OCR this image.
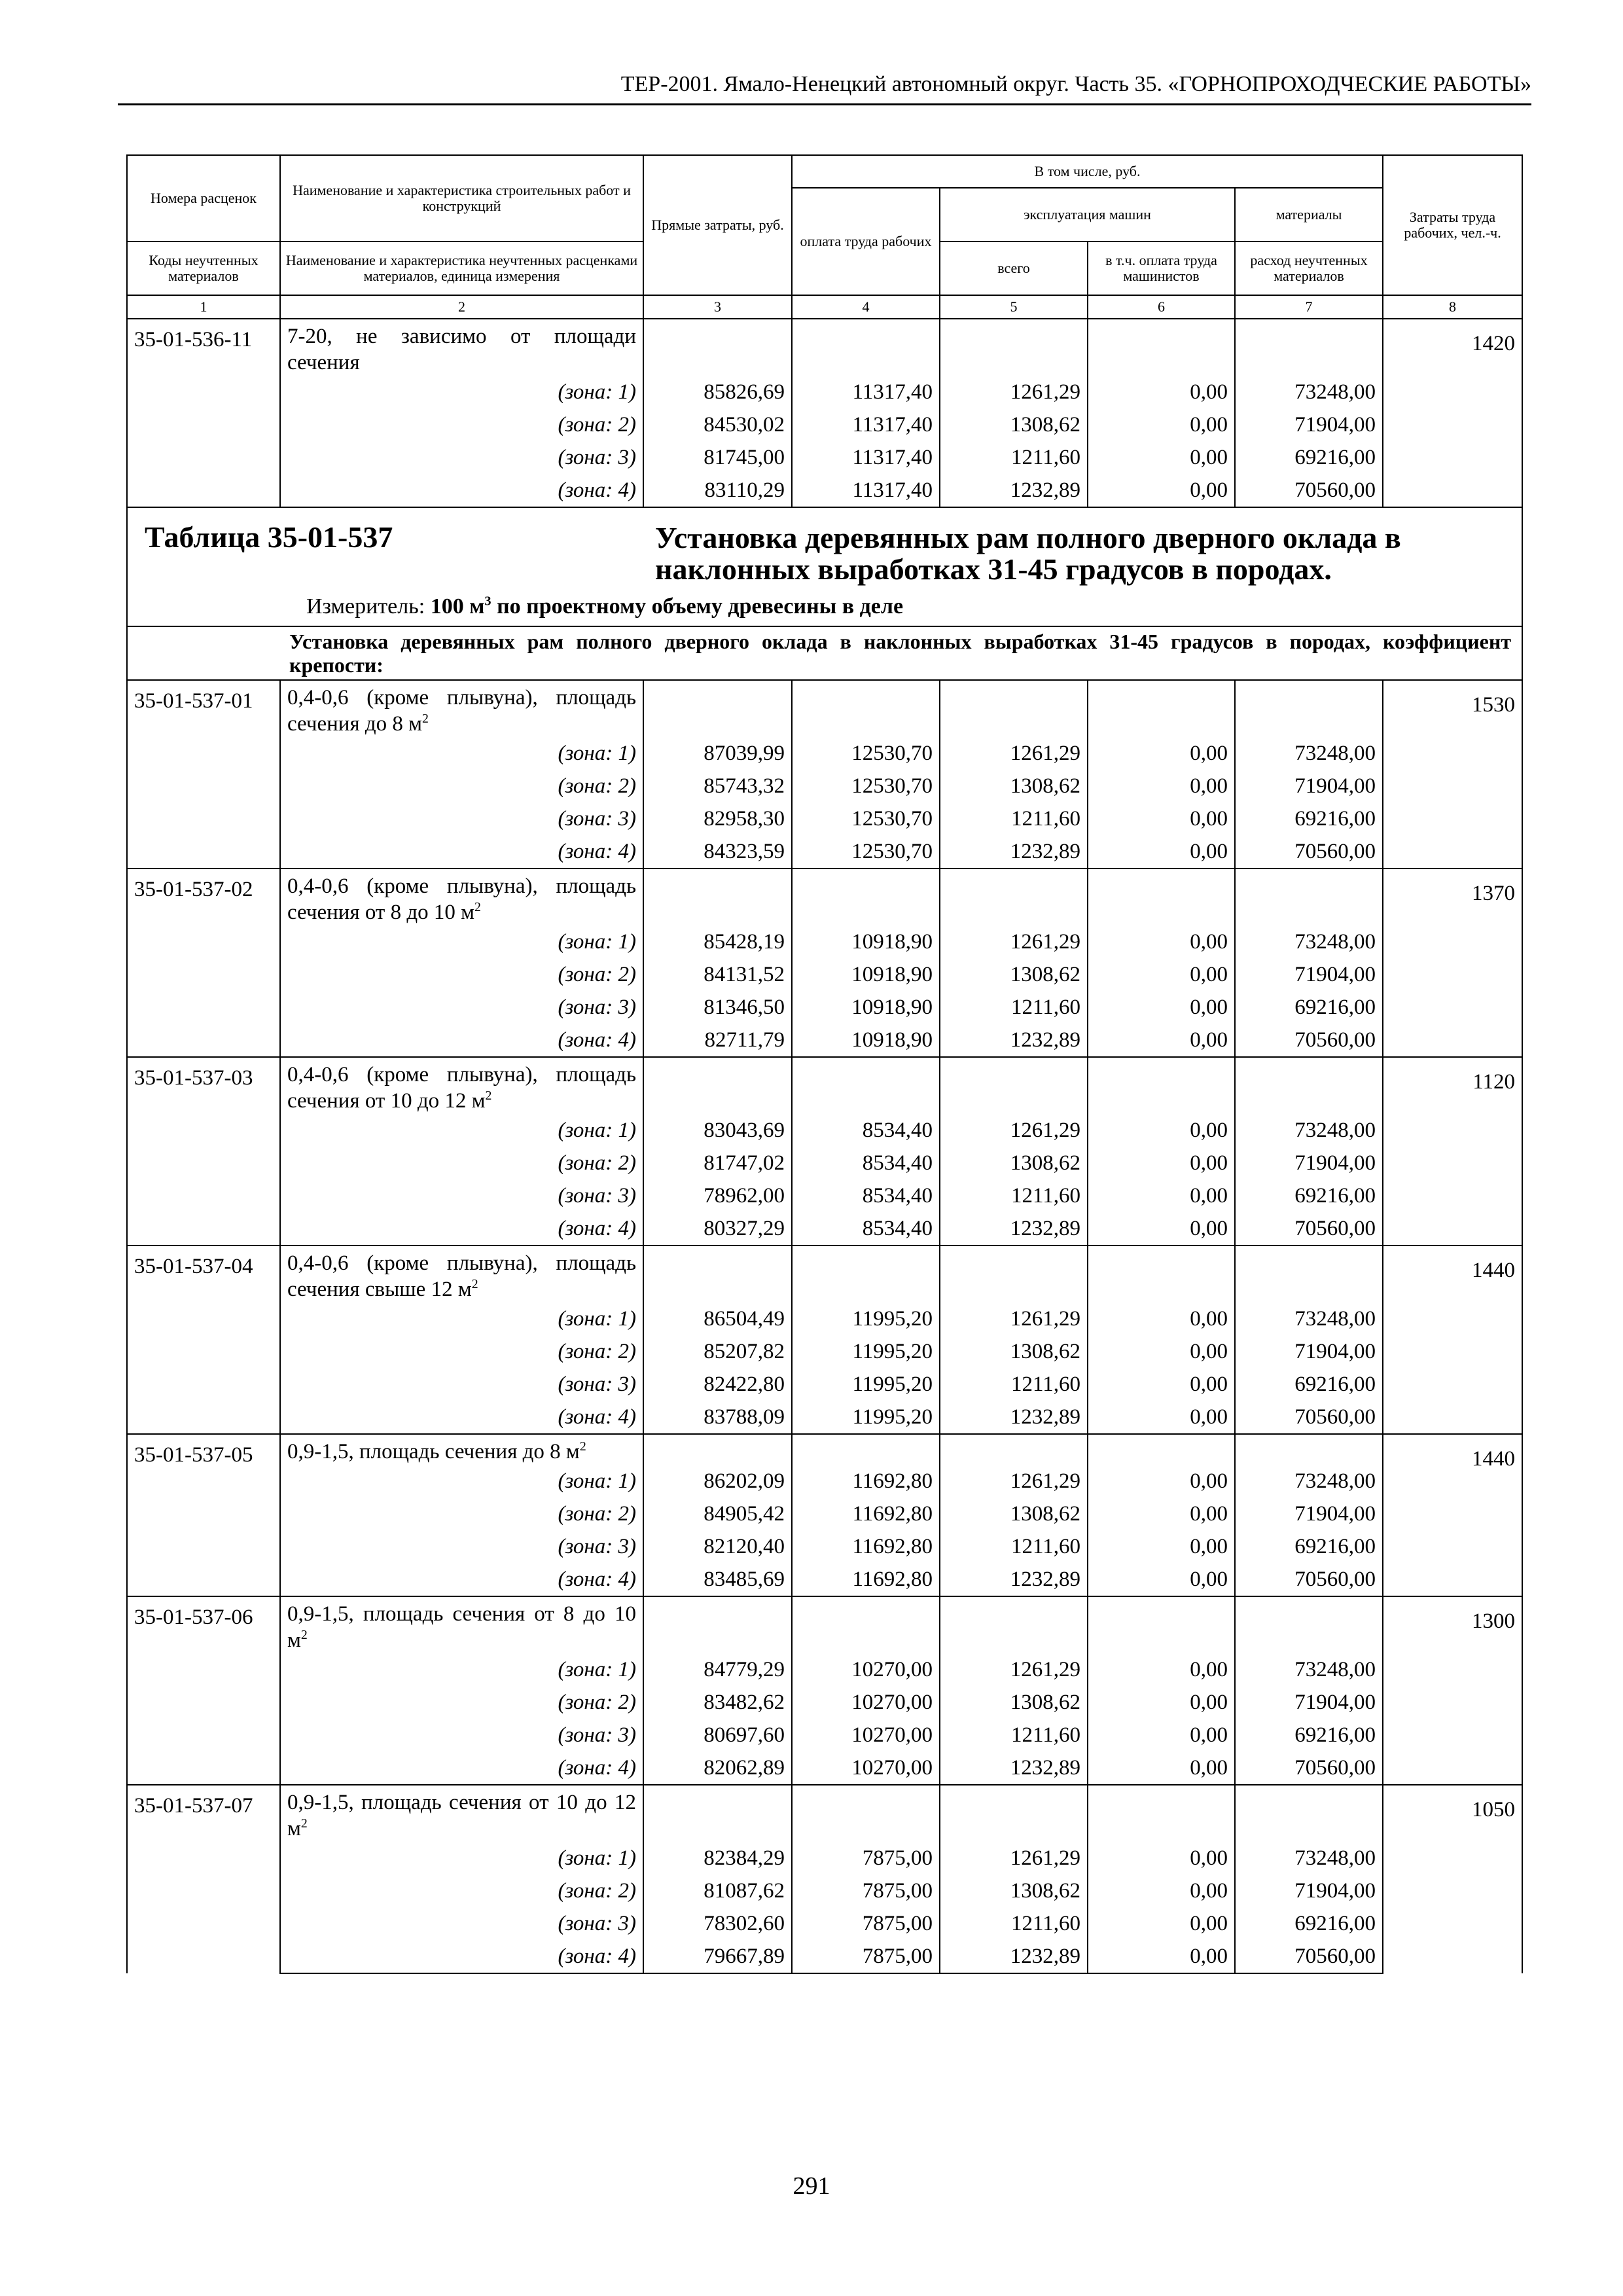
ТЕР-2001. Ямало-Ненецкий автономный округ. Часть 35. «ГОРНОПРОХОДЧЕСКИЕ РАБОТЫ»
Номера расценок	Наименование и характеристика строительных работ и конструкций	Прямые затраты, руб.	В том числе, руб.				Затраты труда рабочих, чел.-ч.
			оплата труда рабочих	эксплуатация машин		материалы	
Коды неучтенных материалов	Наименование и характеристика неучтенных расценками материалов, единица измерения			всего	в т.ч. оплата труда машинистов	расход неучтенных материалов	
1	2	3	4	5	6	7	8
35-01-536-11	7-20, не зависимо от площади сечения						1420
	(зона: 1)	85826,69	11317,40	1261,29	0,00	73248,00	
	(зона: 2)	84530,02	11317,40	1308,62	0,00	71904,00	
	(зона: 3)	81745,00	11317,40	1211,60	0,00	69216,00	
	(зона: 4)	83110,29	11317,40	1232,89	0,00	70560,00	
Таблица 35-01-537 Установка деревянных рам полного дверного оклада в наклонных выработках 31-45 градусов в породах.
Измеритель: 100 $м^3$ по проектному объему древесины в деле							

Установка деревянных рам полного дверного оклада в наклонных выработках 31-45 градусов в породах, коэффициент крепости:							
35-01-537-01	0,4-0,6 (кроме плывуна), площадь сечения до 8 $м^2$						1530
	(зона: 1)	87039,99	12530,70	1261,29	0,00	73248,00	
	(зона: 2)	85743,32	12530,70	1308,62	0,00	71904,00	
	(зона: 3)	82958,30	12530,70	1211,60	0,00	69216,00	
	(зона: 4)	84323,59	12530,70	1232,89	0,00	70560,00	
35-01-537-02	0,4-0,6 (кроме плывуна), площадь сечения от 8 до 10 $м^2$						1370
	(зона: 1)	85428,19	10918,90	1261,29	0,00	73248,00	
	(зона: 2)	84131,52	10918,90	1308,62	0,00	71904,00	
	(зона: 3)	81346,50	10918,90	1211,60	0,00	69216,00	
	(зона: 4)	82711,79	10918,90	1232,89	0,00	70560,00	
35-01-537-03	0,4-0,6 (кроме плывуна), площадь сечения от 10 до 12 $м^2$						1120
	(зона: 1)	83043,69	8534,40	1261,29	0,00	73248,00	
	(зона: 2)	81747,02	8534,40	1308,62	0,00	71904,00	
	(зона: 3)	78962,00	8534,40	1211,60	0,00	69216,00	
	(зона: 4)	80327,29	8534,40	1232,89	0,00	70560,00	
35-01-537-04	0,4-0,6 (кроме плывуна), площадь сечения свыше 12 $м^2$						1440
	(зона: 1)	86504,49	11995,20	1261,29	0,00	73248,00	
	(зона: 2)	85207,82	11995,20	1308,62	0,00	71904,00	
	(зона: 3)	82422,80	11995,20	1211,60	0,00	69216,00	
	(зона: 4)	83788,09	11995,20	1232,89	0,00	70560,00	
35-01-537-05	0,9-1,5, площадь сечения до 8 $м^2$						1440
	(зона: 1)	86202,09	11692,80	1261,29	0,00	73248,00	
	(зона: 2)	84905,42	11692,80	1308,62	0,00	71904,00	
	(зона: 3)	82120,40	11692,80	1211,60	0,00	69216,00	
	(зона: 4)	83485,69	11692,80	1232,89	0,00	70560,00	
35-01-537-06	0,9-1,5, площадь сечения от 8 до 10 $м^2$						1300
	(зона: 1)	84779,29	10270,00	1261,29	0,00	73248,00	
	(зона: 2)	83482,62	10270,00	1308,62	0,00	71904,00	
	(зона: 3)	80697,60	10270,00	1211,60	0,00	69216,00	
	(зона: 4)	82062,89	10270,00	1232,89	0,00	70560,00	
35-01-537-07	0,9-1,5, площадь сечения от 10 до 12 $м^2$						1050
	(зона: 1)	82384,29	7875,00	1261,29	0,00	73248,00	
	(зона: 2)	81087,62	7875,00	1308,62	0,00	71904,00	
	(зона: 3)	78302,60	7875,00	1211,60	0,00	69216,00	
	(зона: 4)	79667,89	7875,00	1232,89	0,00	70560,00	
291
